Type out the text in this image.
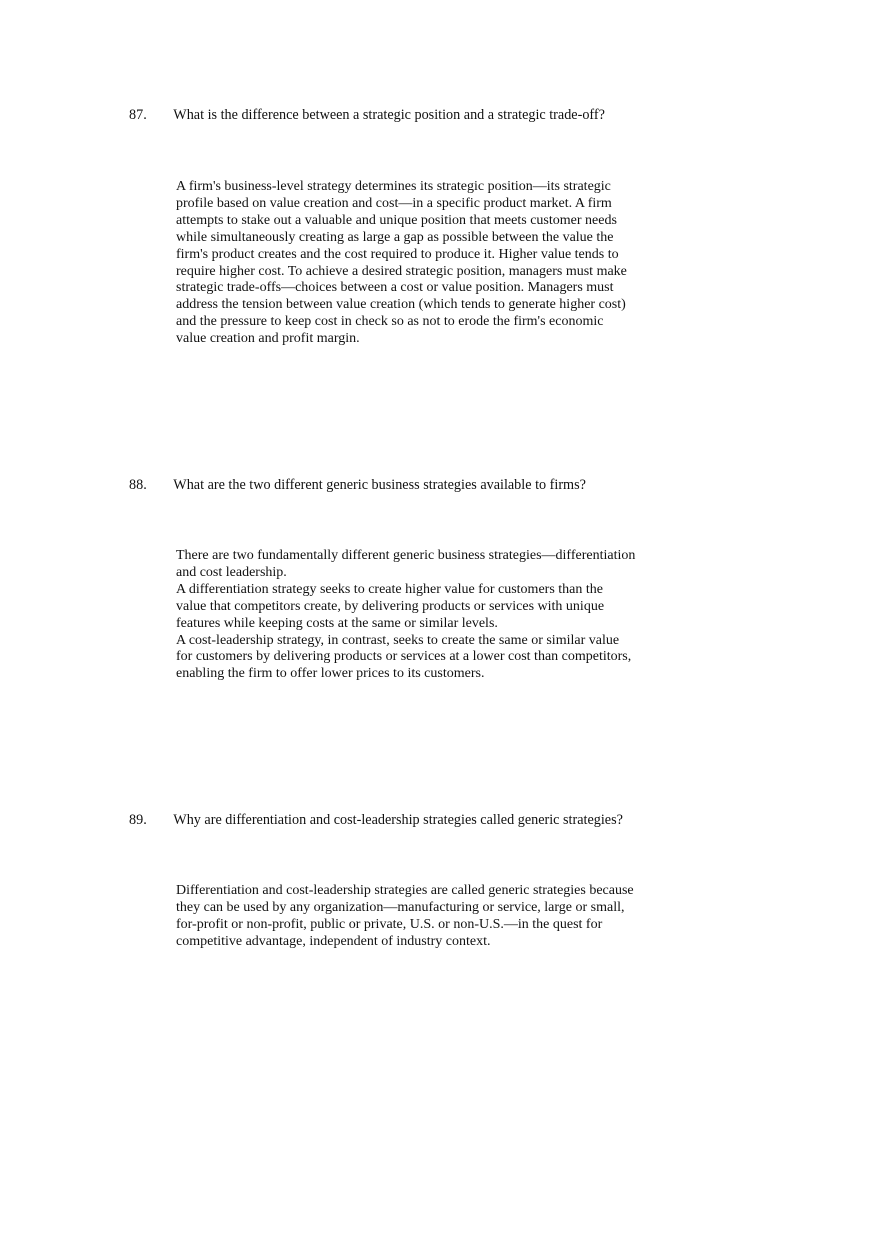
87. What is the difference between a strategic position and a strategic trade-off?

A firm's business-level strategy determines its strategic position—its strategic

profile based on value creation and cost—in a specific product market. A firm

attempts to stake out a valuable and unique position that meets customer needs

while simultaneously creating as large a gap as possible between the value the

firm's product creates and the cost required to produce it. Higher value tends to

require higher cost. To achieve a desired strategic position, managers must make

strategic trade-offs—choices between a cost or value position. Managers must

address the tension between value creation (which tends to generate higher cost)

and the pressure to keep cost in check so as not to erode the firm's economic

value creation and profit margin.

88. What are the two different generic business strategies available to firms?

There are two fundamentally different generic business strategies—differentiation

and cost leadership.

A differentiation strategy seeks to create higher value for customers than the

value that competitors create, by delivering products or services with unique

features while keeping costs at the same or similar levels.

A cost-leadership strategy, in contrast, seeks to create the same or similar value

for customers by delivering products or services at a lower cost than competitors,

enabling the firm to offer lower prices to its customers.

89. Why are differentiation and cost-leadership strategies called generic strategies?

Differentiation and cost-leadership strategies are called generic strategies because

they can be used by any organization—manufacturing or service, large or small,

for-profit or non-profit, public or private, U.S. or non-U.S.—in the quest for

competitive advantage, independent of industry context.
